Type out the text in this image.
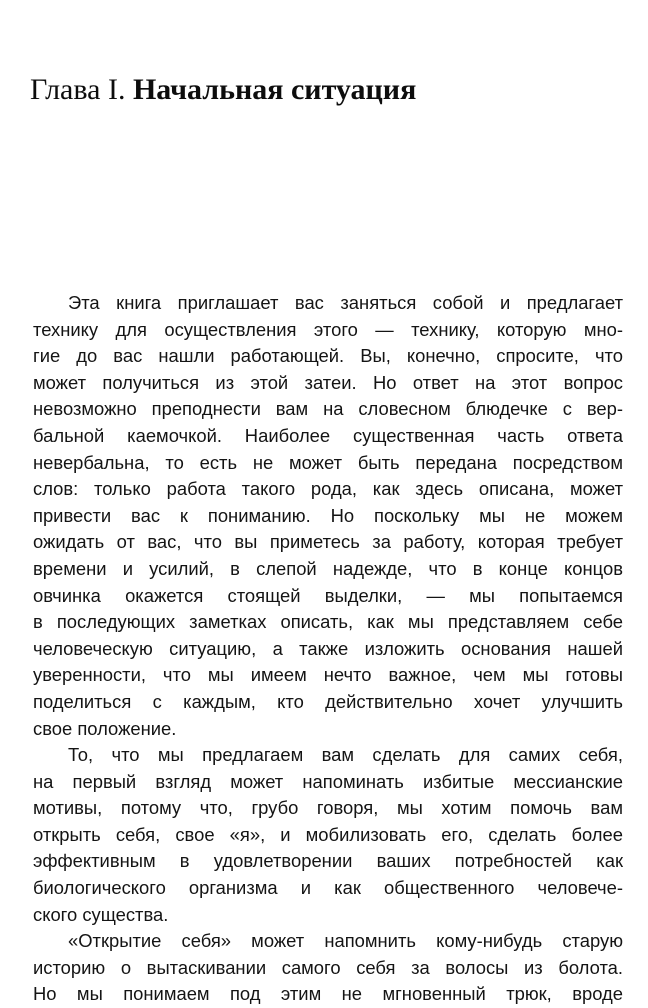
Глава I. Начальная ситуация

Эта книга приглашает вас заняться собой и предлагает
технику для осуществления этого — технику, которую мно-
гие до вас нашли работающей. Вы, конечно, спросите, что
может получиться из этой затеи. Но ответ на этот вопрос
невозможно преподнести вам на словесном блюдечке с вер-
бальной каемочкой. Наиболее существенная часть ответа
невербальна, то есть не может быть передана посредством
слов: только работа такого рода, как здесь описана, может
привести вас к пониманию. Но поскольку мы не можем
ожидать от вас, что вы приметесь за работу, которая требует
времени и усилий, в слепой надежде, что в конце концов
овчинка окажется стоящей выделки, — мы попытаемся
в последующих заметках описать, как мы представляем себе
человеческую ситуацию, а также изложить основания нашей
уверенности, что мы имеем нечто важное, чем мы готовы
поделиться с каждым, кто действительно хочет улучшить
свое положение.

То, что мы предлагаем вам сделать для самих себя,
на первый взгляд может напоминать избитые мессианские
мотивы, потому что, грубо говоря, мы хотим помочь вам
открыть себя, свое «я», и мобилизовать его, сделать более
эффективным в удовлетворении ваших потребностей как
биологического организма и как общественного человече-
ского существа.

«Открытие себя» может напомнить кому-нибудь старую
историю о вытаскивании самого себя за волосы из болота.
Но мы понимаем под этим не мгновенный трюк, вроде
